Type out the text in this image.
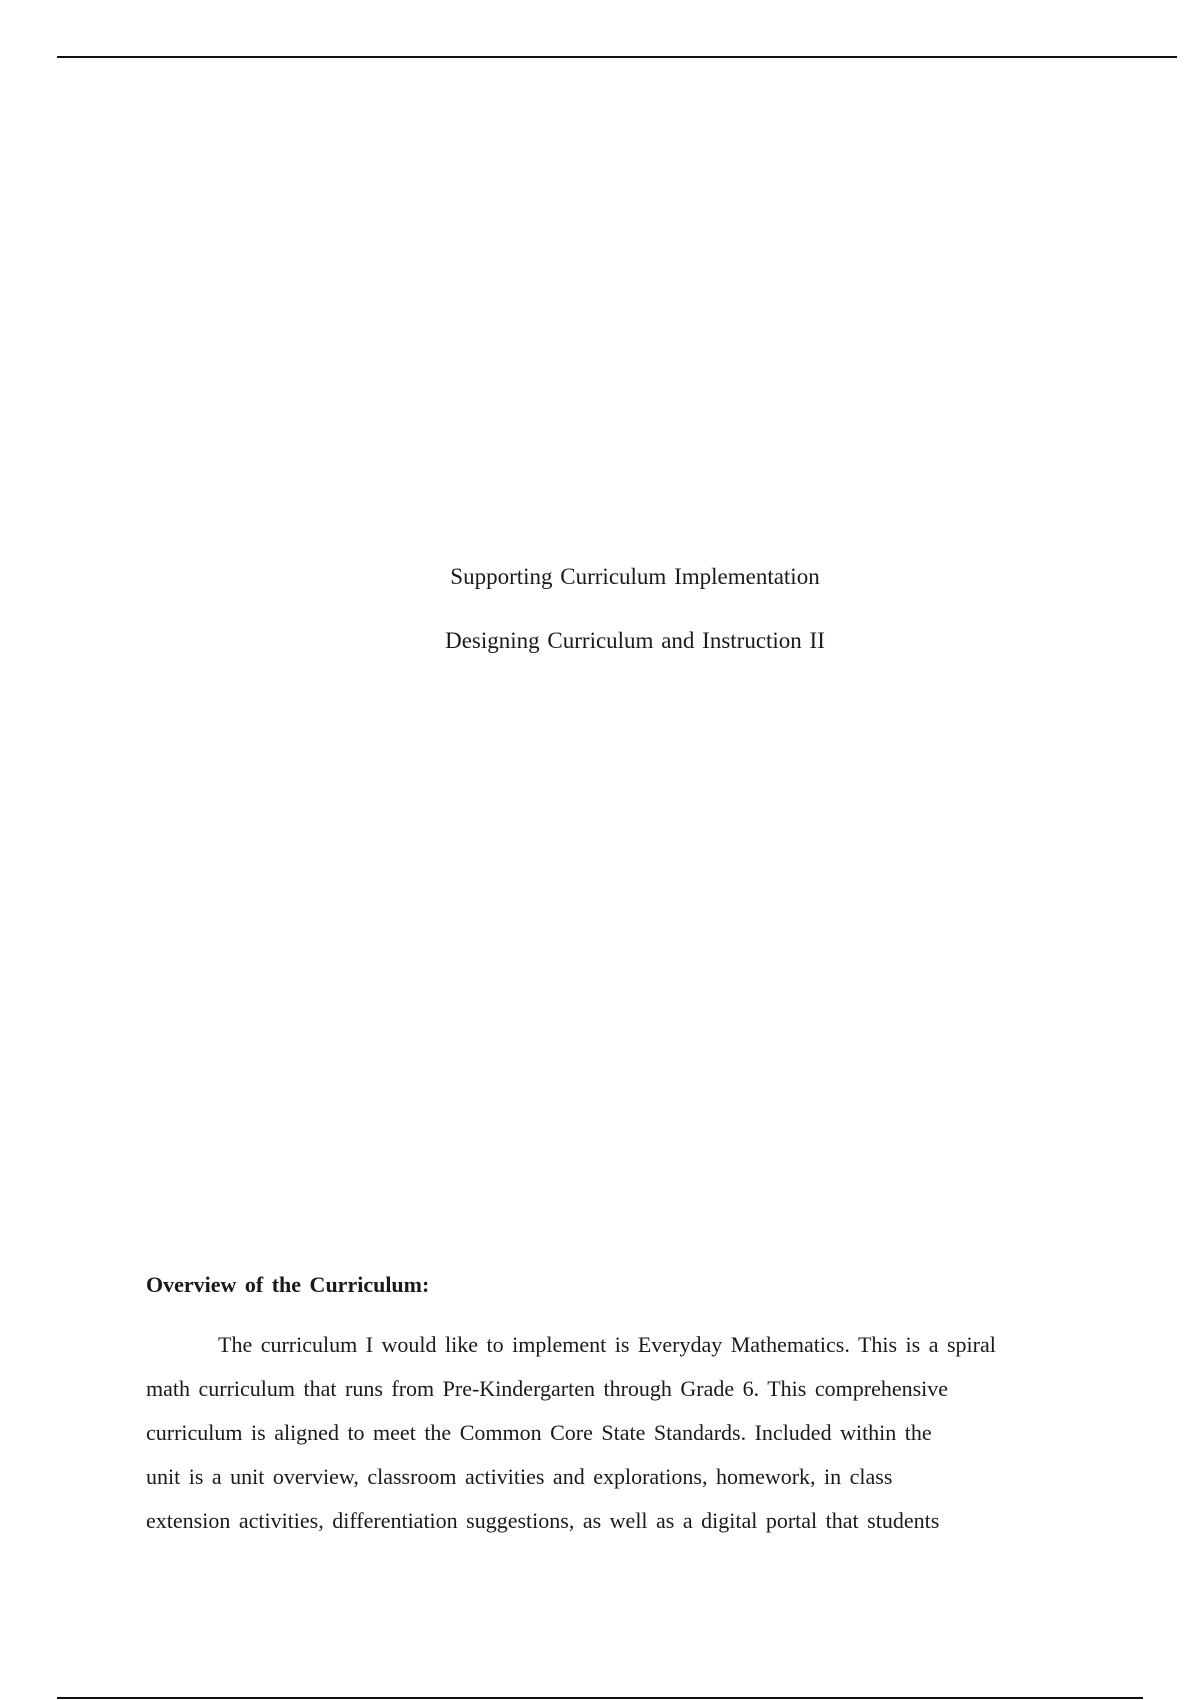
Supporting Curriculum Implementation
Designing Curriculum and Instruction II
Overview of the Curriculum:
The curriculum I would like to implement is Everyday Mathematics. This is a spiral
math curriculum that runs from Pre-Kindergarten through Grade 6. This comprehensive
curriculum is aligned to meet the Common Core State Standards. Included within the
unit is a unit overview, classroom activities and explorations, homework, in class
extension activities, differentiation suggestions, as well as a digital portal that students
